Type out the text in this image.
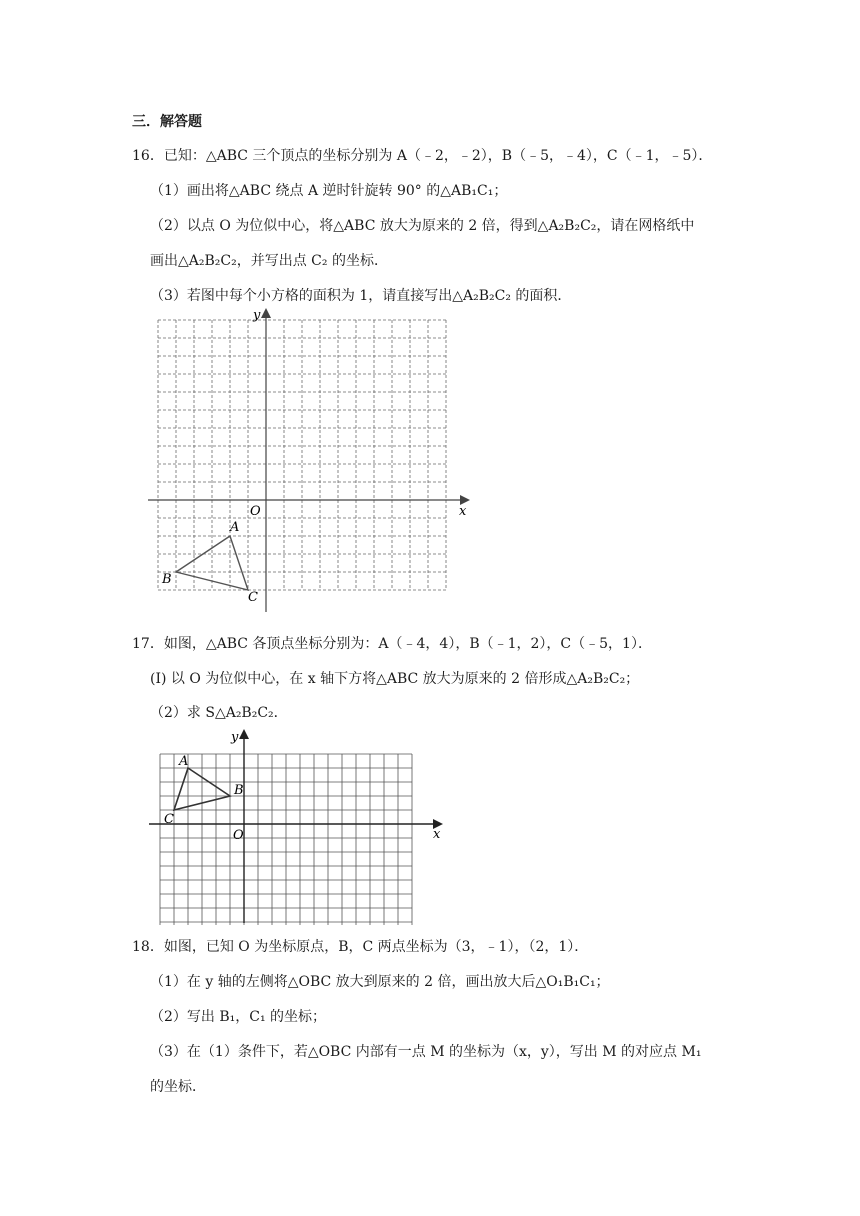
三．解答题
16．已知：△ABC 三个顶点的坐标分别为 A（﹣2，﹣2），B（﹣5，﹣4），C（﹣1，﹣5）．
（1）画出将△ABC 绕点 A 逆时针旋转 90° 的△AB₁C₁；
（2）以点 O 为位似中心，将△ABC 放大为原来的 2 倍，得到△A₂B₂C₂，请在网格纸中
画出△A₂B₂C₂，并写出点 C₂ 的坐标．
（3）若图中每个小方格的面积为 1，请直接写出△A₂B₂C₂ 的面积．
x
y
O
A
B
C
17．如图，△ABC 各顶点坐标分别为：A（﹣4，4），B（﹣1，2），C（﹣5，1）．
(I) 以 O 为位似中心，在 x 轴下方将△ABC 放大为原来的 2 倍形成△A₂B₂C₂；
（2）求 S△A₂B₂C₂．
x
y
O
A
B
C
18．如图，已知 O 为坐标原点，B，C 两点坐标为（3，﹣1），（2，1）．
（1）在 y 轴的左侧将△OBC 放大到原来的 2 倍，画出放大后△O₁B₁C₁；
（2）写出 B₁，C₁ 的坐标；
（3）在（1）条件下，若△OBC 内部有一点 M 的坐标为（x，y），写出 M 的对应点 M₁
的坐标．
